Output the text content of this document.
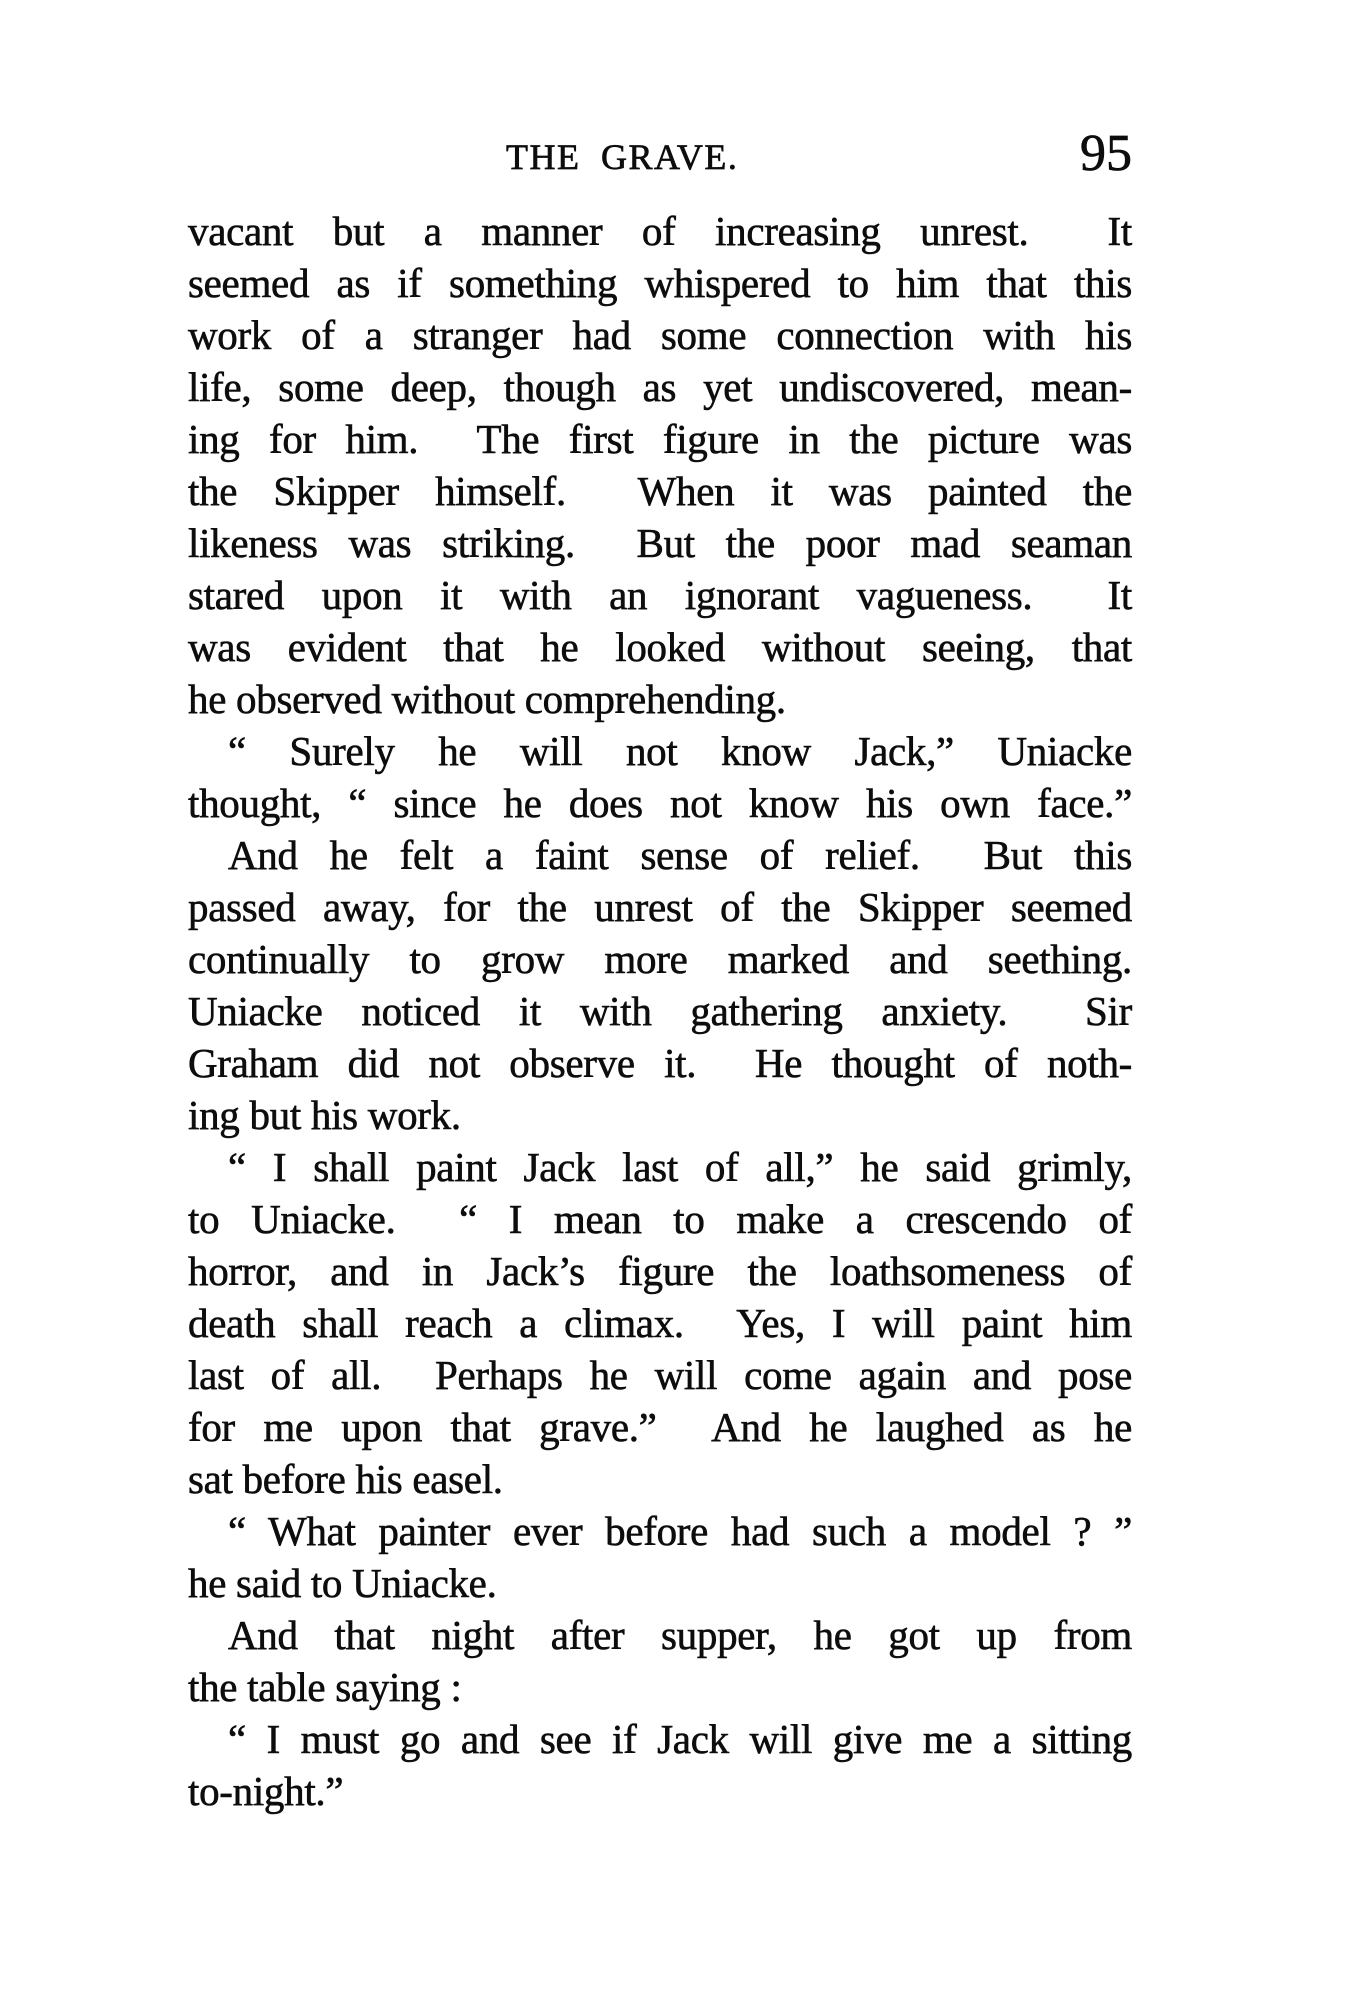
THE GRAVE.	95
vacant but a manner of increasing unrest.  It
seemed as if something whispered to him that this
work of a stranger had some connection with his
life, some deep, though as yet undiscovered, mean-
ing for him.  The first figure in the picture was
the Skipper himself.  When it was painted the
likeness was striking.  But the poor mad seaman
stared upon it with an ignorant vagueness.  It
was evident that he looked without seeing, that
he observed without comprehending.
“ Surely he will not know Jack,” Uniacke
thought, “ since he does not know his own face.”
And he felt a faint sense of relief.  But this
passed away, for the unrest of the Skipper seemed
continually to grow more marked and seething.
Uniacke noticed it with gathering anxiety.  Sir
Graham did not observe it.  He thought of noth-
ing but his work.
“ I shall paint Jack last of all,” he said grimly,
to Uniacke.  “ I mean to make a crescendo of
horror, and in Jack’s figure the loathsomeness of
death shall reach a climax.  Yes, I will paint him
last of all.  Perhaps he will come again and pose
for me upon that grave.”  And he laughed as he
sat before his easel.
“ What painter ever before had such a model ? ”
he said to Uniacke.
And that night after supper, he got up from
the table saying :
“ I must go and see if Jack will give me a sitting
to-night.”
